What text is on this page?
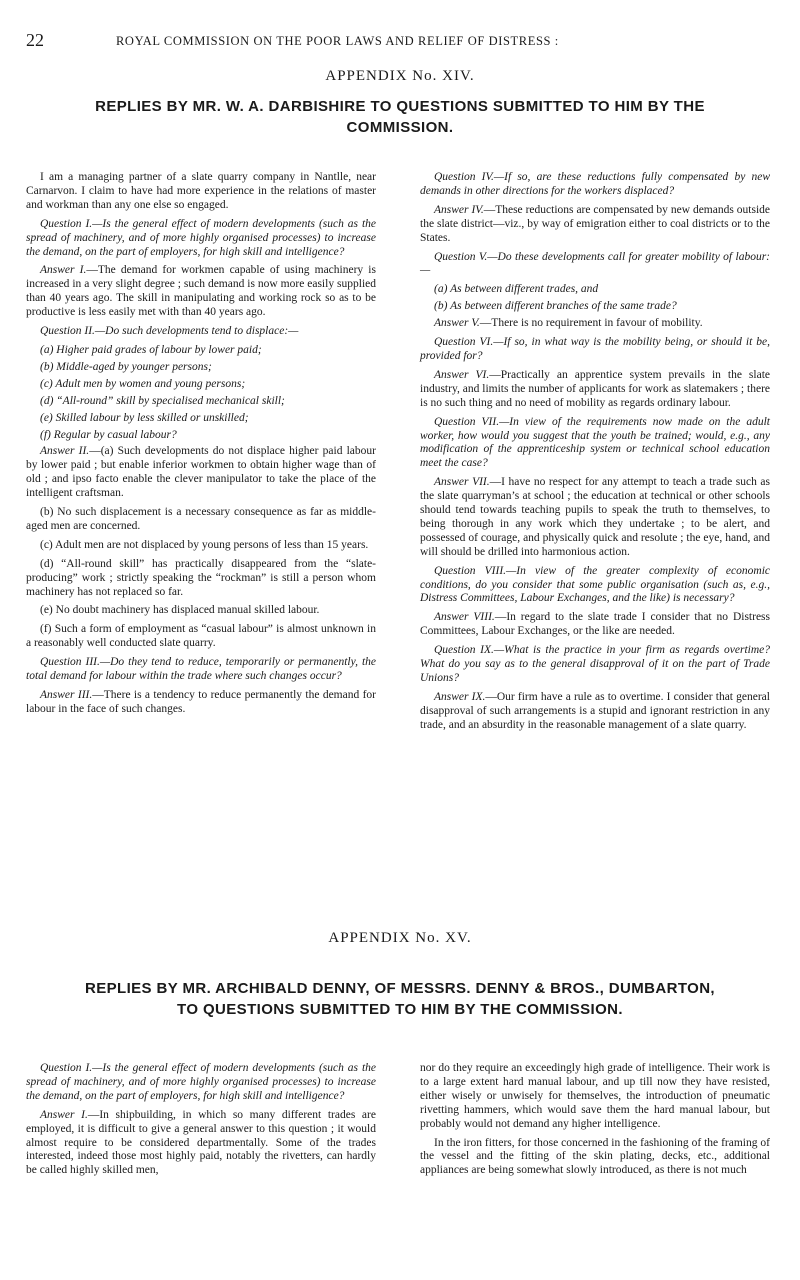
22	ROYAL COMMISSION ON THE POOR LAWS AND RELIEF OF DISTRESS :
APPENDIX No. XIV.
REPLIES BY MR. W. A. DARBISHIRE TO QUESTIONS SUBMITTED TO HIM BY THE
COMMISSION.

I am a managing partner of a slate quarry company in Nantlle, near Carnarvon. I claim to have had more experience in the relations of master and workman than any one else so engaged.

Question I.—Is the general effect of modern developments (such as the spread of machinery, and of more highly organised processes) to increase the demand, on the part of employers, for high skill and intelligence?

Answer I.—The demand for workmen capable of using machinery is increased in a very slight degree ; such demand is now more easily supplied than 40 years ago. The skill in manipulating and working rock so as to be productive is less easily met with than 40 years ago.

Question II.—Do such developments tend to displace:—

(a) Higher paid grades of labour by lower paid;

(b) Middle-aged by younger persons;

(c) Adult men by women and young persons;

(d) “All-round” skill by specialised mechanical skill;

(e) Skilled labour by less skilled or unskilled;

(f) Regular by casual labour?

Answer II.—(a) Such developments do not displace higher paid labour by lower paid ; but enable inferior workmen to obtain higher wage than of old ; and ipso facto enable the clever manipulator to take the place of the intelligent craftsman.

(b) No such displacement is a necessary consequence as far as middle-aged men are concerned.

(c) Adult men are not displaced by young persons of less than 15 years.

(d) “All-round skill” has practically disappeared from the “slate-producing” work ; strictly speaking the “rockman” is still a person whom machinery has not replaced so far.

(e) No doubt machinery has displaced manual skilled labour.

(f) Such a form of employment as “casual labour” is almost unknown in a reasonably well conducted slate quarry.

Question III.—Do they tend to reduce, temporarily or permanently, the total demand for labour within the trade where such changes occur?

Answer III.—There is a tendency to reduce permanently the demand for labour in the face of such changes.

Question IV.—If so, are these reductions fully compensated by new demands in other directions for the workers displaced?

Answer IV.—These reductions are compensated by new demands outside the slate district—viz., by way of emigration either to coal districts or to the States.

Question V.—Do these developments call for greater mobility of labour:—

(a) As between different trades, and

(b) As between different branches of the same trade?

Answer V.—There is no requirement in favour of mobility.

Question VI.—If so, in what way is the mobility being, or should it be, provided for?

Answer VI.—Practically an apprentice system prevails in the slate industry, and limits the number of applicants for work as slatemakers ; there is no such thing and no need of mobility as regards ordinary labour.

Question VII.—In view of the requirements now made on the adult worker, how would you suggest that the youth be trained; would, e.g., any modification of the apprenticeship system or technical school education meet the case?

Answer VII.—I have no respect for any attempt to teach a trade such as the slate quarryman’s at school ; the education at technical or other schools should tend towards teaching pupils to speak the truth to themselves, to being thorough in any work which they undertake ; to be alert, and possessed of courage, and physically quick and resolute ; the eye, hand, and will should be drilled into harmonious action.

Question VIII.—In view of the greater complexity of economic conditions, do you consider that some public organisation (such as, e.g., Distress Committees, Labour Exchanges, and the like) is necessary?

Answer VIII.—In regard to the slate trade I consider that no Distress Committees, Labour Exchanges, or the like are needed.

Question IX.—What is the practice in your firm as regards overtime? What do you say as to the general disapproval of it on the part of Trade Unions?

Answer IX.—Our firm have a rule as to overtime. I consider that general disapproval of such arrangements is a stupid and ignorant restriction in any trade, and an absurdity in the reasonable management of a slate quarry.

APPENDIX No. XV.
REPLIES BY MR. ARCHIBALD DENNY, OF MESSRS. DENNY & BROS., DUMBARTON,
TO QUESTIONS SUBMITTED TO HIM BY THE COMMISSION.

Question I.—Is the general effect of modern developments (such as the spread of machinery, and of more highly organised processes) to increase the demand, on the part of employers, for high skill and intelligence?

Answer I.—In shipbuilding, in which so many different trades are employed, it is difficult to give a general answer to this question ; it would almost require to be considered departmentally. Some of the trades interested, indeed those most highly paid, notably the rivetters, can hardly be called highly skilled men,

nor do they require an exceedingly high grade of intelligence. Their work is to a large extent hard manual labour, and up till now they have resisted, either wisely or unwisely for themselves, the introduction of pneumatic rivetting hammers, which would save them the hard manual labour, but probably would not demand any higher intelligence.

In the iron fitters, for those concerned in the fashioning of the framing of the vessel and the fitting of the skin plating, decks, etc., additional appliances are being somewhat slowly introduced, as there is not much
